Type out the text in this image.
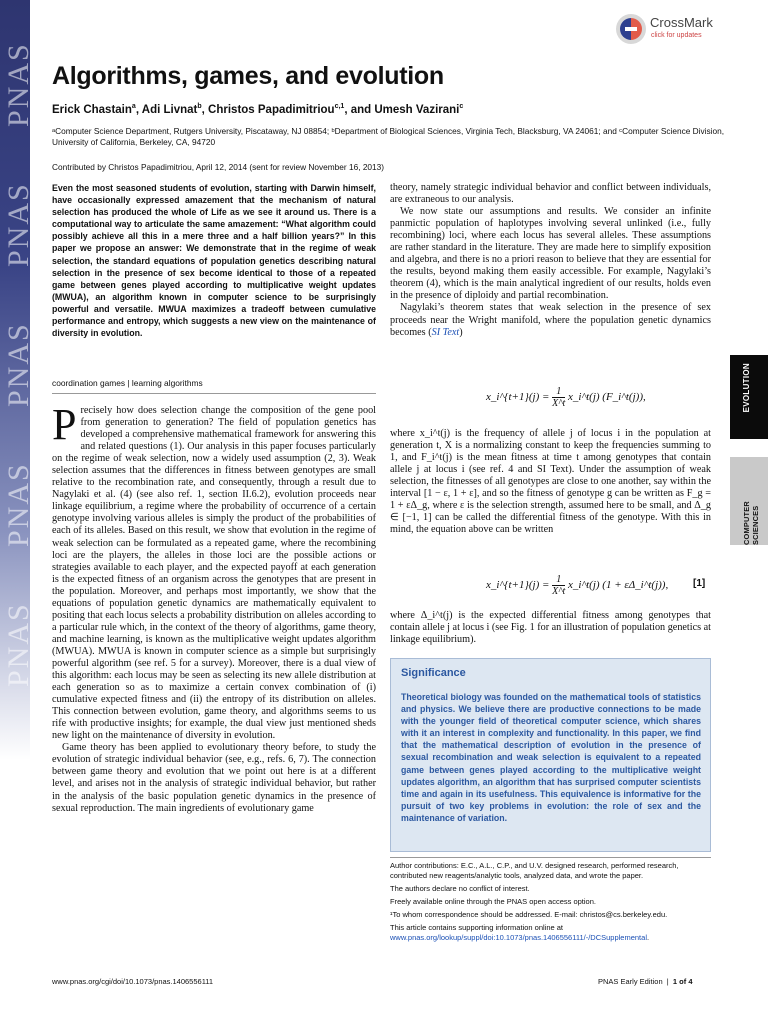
PNAS
PNAS
PNAS
PNAS
PNAS
CrossMark
click for updates
Algorithms, games, and evolution
Erick Chastain$^a$, Adi Livnat$^b$, Christos Papadimitriou$^{c,1}$, and Umesh Vazirani$^c$
ᵃComputer Science Department, Rutgers University, Piscataway, NJ 08854; ᵇDepartment of Biological Sciences, Virginia Tech, Blacksburg, VA 24061; and ᶜComputer Science Division, University of California, Berkeley, CA, 94720
Contributed by Christos Papadimitriou, April 12, 2014 (sent for review November 16, 2013)
Even the most seasoned students of evolution, starting with Darwin himself, have occasionally expressed amazement that the mechanism of natural selection has produced the whole of Life as we see it around us. There is a computational way to articulate the same amazement: “What algorithm could possibly achieve all this in a mere three and a half billion years?” In this paper we propose an answer: We demonstrate that in the regime of weak selection, the standard equations of population genetics describing natural selection in the presence of sex become identical to those of a repeated game between genes played according to multiplicative weight updates (MWUA), an algorithm known in computer science to be surprisingly powerful and versatile. MWUA maximizes a tradeoff between cumulative performance and entropy, which suggests a new view on the maintenance of diversity in evolution.
coordination games | learning algorithms

Precisely how does selection change the composition of the gene pool from generation to generation? The field of population genetics has developed a comprehensive mathematical framework for answering this and related questions (1). Our analysis in this paper focuses particularly on the regime of weak selection, now a widely used assumption (2, 3). Weak selection assumes that the differences in fitness between genotypes are small relative to the recombination rate, and consequently, through a result due to Nagylaki et al. (4) (see also ref. 1, section II.6.2), evolution proceeds near linkage equilibrium, a regime where the probability of occurrence of a certain genotype involving various alleles is simply the product of the probabilities of each of its alleles. Based on this result, we show that evolution in the regime of weak selection can be formulated as a repeated game, where the recombining loci are the players, the alleles in those loci are the possible actions or strategies available to each player, and the expected payoff at each generation is the expected fitness of an organism across the genotypes that are present in the population. Moreover, and perhaps most importantly, we show that the equations of population genetic dynamics are mathematically equivalent to positing that each locus selects a probability distribution on alleles according to a particular rule which, in the context of the theory of algorithms, game theory, and machine learning, is known as the multiplicative weight updates algorithm (MWUA). MWUA is known in computer science as a simple but surprisingly powerful algorithm (see ref. 5 for a survey). Moreover, there is a dual view of this algorithm: each locus may be seen as selecting its new allele distribution at each generation so as to maximize a certain convex combination of (i) cumulative expected fitness and (ii) the entropy of its distribution on alleles. This connection between evolution, game theory, and algorithms seems to us rife with productive insights; for example, the dual view just mentioned sheds new light on the maintenance of diversity in evolution.

Game theory has been applied to evolutionary theory before, to study the evolution of strategic individual behavior (see, e.g., refs. 6, 7). The connection between game theory and evolution that we point out here is at a different level, and arises not in the analysis of strategic individual behavior, but rather in the analysis of the basic population genetic dynamics in the presence of sexual reproduction. The main ingredients of evolutionary game

theory, namely strategic individual behavior and conflict between individuals, are extraneous to our analysis.

We now state our assumptions and results. We consider an infinite panmictic population of haplotypes involving several unlinked (i.e., fully recombining) loci, where each locus has several alleles. These assumptions are rather standard in the literature. They are made here to simplify exposition and algebra, and there is no a priori reason to believe that they are essential for the results, beyond making them easily accessible. For example, Nagylaki’s theorem (4), which is the main analytical ingredient of our results, holds even in the presence of diploidy and partial recombination.

Nagylaki’s theorem states that weak selection in the presence of sex proceeds near the Wright manifold, where the population genetic dynamics becomes (SI Text)

x_i^{t+1}(j) = $\frac{1}{X\^{}t}$ x_i^t(j) (F_i^t(j)),

where x_i^t(j) is the frequency of allele j of locus i in the population at generation t, X is a normalizing constant to keep the frequencies summing to 1, and F_i^t(j) is the mean fitness at time t among genotypes that contain allele j at locus i (see ref. 4 and SI Text). Under the assumption of weak selection, the fitnesses of all genotypes are close to one another, say within the interval [1 − ε, 1 + ε], and so the fitness of genotype g can be written as F_g = 1 + εΔ_g, where ε is the selection strength, assumed here to be small, and Δ_g ∈ [−1, 1] can be called the differential fitness of the genotype. With this in mind, the equation above can be written

x_i^{t+1}(j) = $\frac{1}{X\^{}t}$ x_i^t(j) (1 + εΔ_i^t(j)), [1]

where Δ_i^t(j) is the expected differential fitness among genotypes that contain allele j at locus i (see Fig. 1 for an illustration of population genetics at linkage equilibrium).

EVOLUTION
COMPUTER SCIENCES
Significance
Theoretical biology was founded on the mathematical tools of statistics and physics. We believe there are productive connections to be made with the younger field of theoretical computer science, which shares with it an interest in complexity and functionality. In this paper, we find that the mathematical description of evolution in the presence of sexual recombination and weak selection is equivalent to a repeated game between genes played according to the multiplicative weight updates algorithm, an algorithm that has surprised computer scientists time and again in its usefulness. This equivalence is informative for the pursuit of two key problems in evolution: the role of sex and the maintenance of variation.
Author contributions: E.C., A.L., C.P., and U.V. designed research, performed research, contributed new reagents/analytic tools, analyzed data, and wrote the paper.
The authors declare no conflict of interest.
Freely available online through the PNAS open access option.
¹To whom correspondence should be addressed. E-mail: christos@cs.berkeley.edu.
This article contains supporting information online at www.pnas.org/lookup/suppl/doi:10.1073/pnas.1406556111/-/DCSupplemental.
www.pnas.org/cgi/doi/10.1073/pnas.1406556111	PNAS Early Edition | 1 of 4
